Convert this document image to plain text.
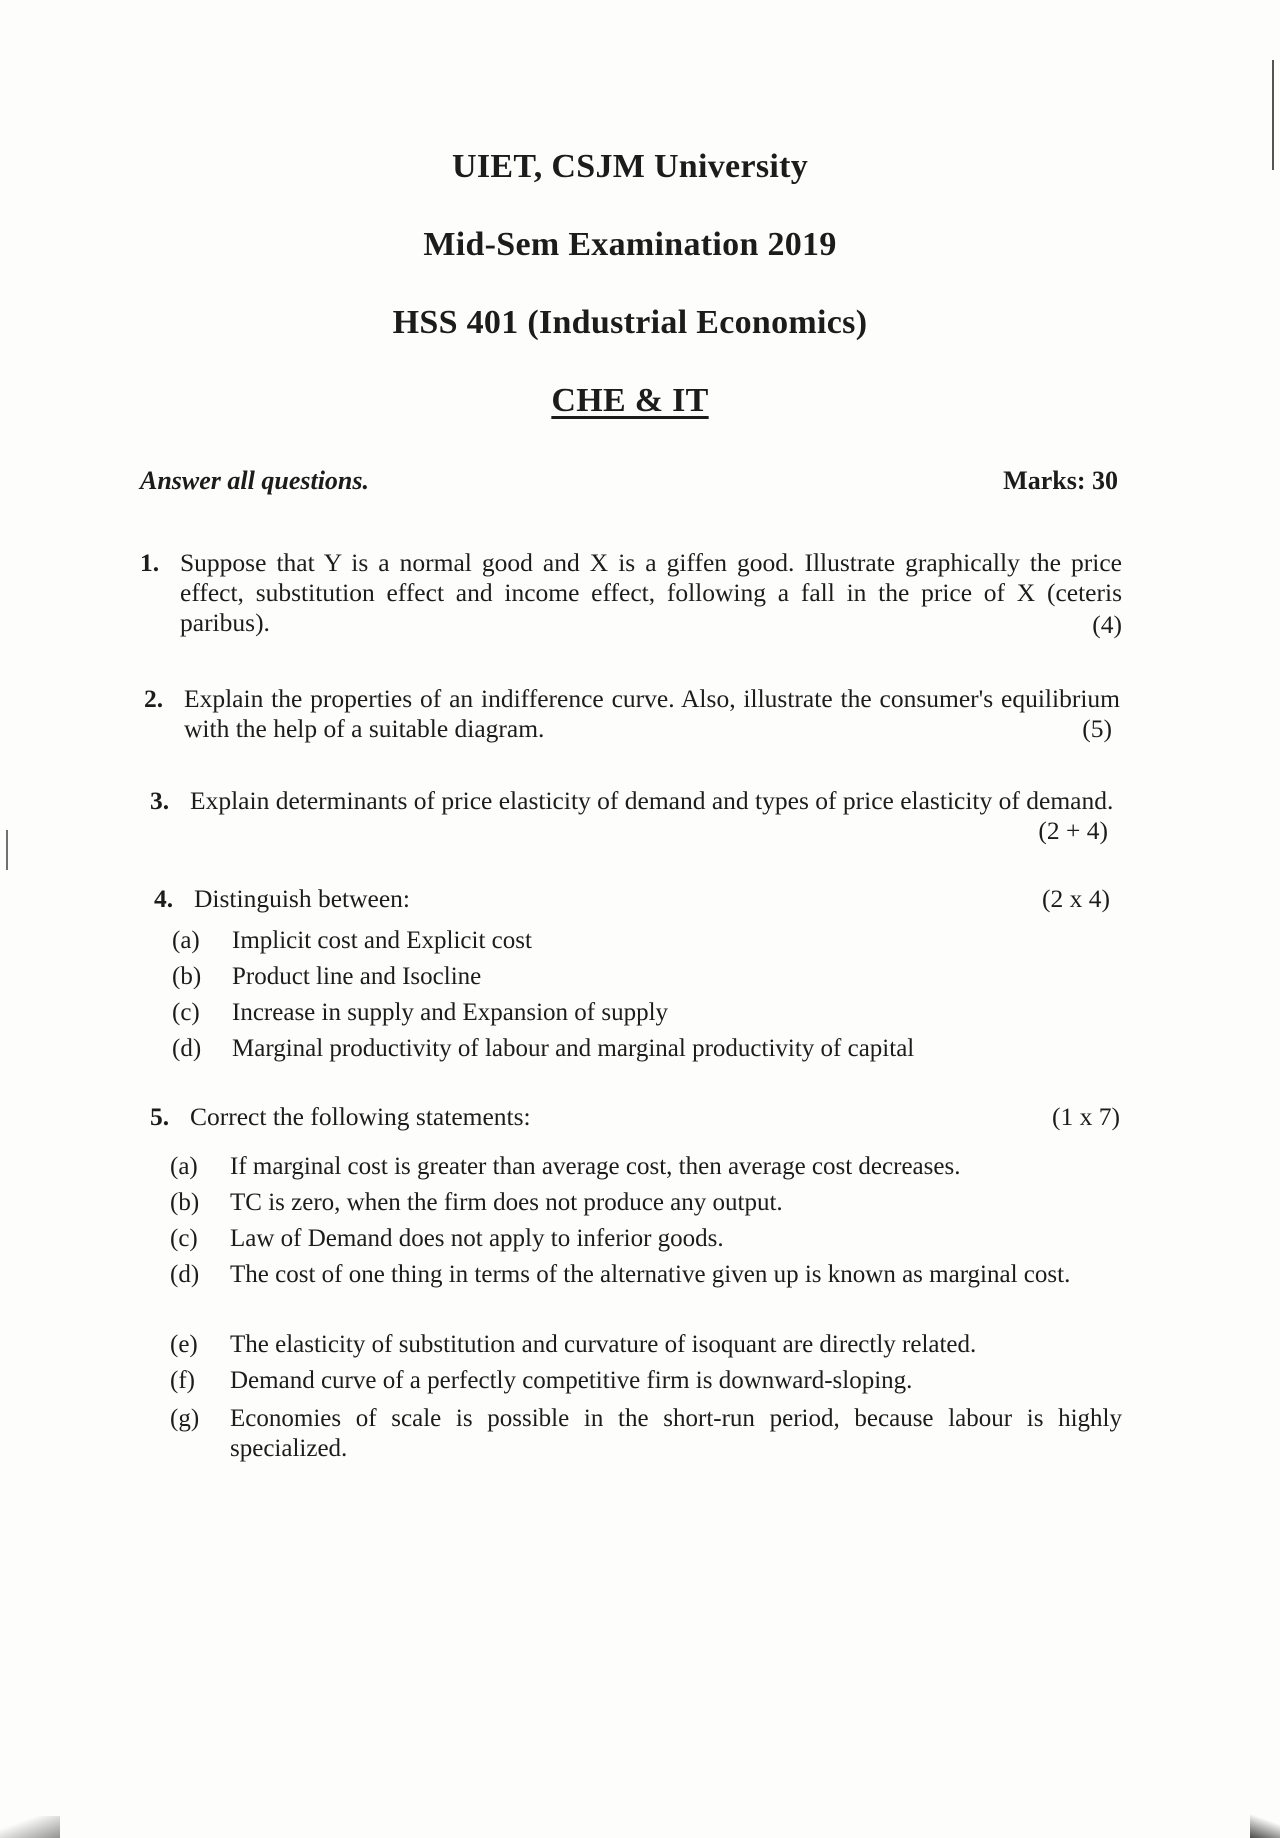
UIET, CSJM University
Mid-Sem Examination 2019
HSS 401 (Industrial Economics)
CHE & IT
Answer all questions.	Marks: 30
1. Suppose that Y is a normal good and X is a giffen good. Illustrate graphically the price effect, substitution effect and income effect, following a fall in the price of X (ceteris paribus).	(4)
2. Explain the properties of an indifference curve. Also, illustrate the consumer's equilibrium with the help of a suitable diagram.	(5)
3. Explain determinants of price elasticity of demand and types of price elasticity of demand.
(2 + 4)
4. Distinguish between:	(2 x 4)
(a) Implicit cost and Explicit cost
(b) Product line and Isocline
(c) Increase in supply and Expansion of supply
(d) Marginal productivity of labour and marginal productivity of capital
5. Correct the following statements:	(1 x 7)
(a) If marginal cost is greater than average cost, then average cost decreases.
(b) TC is zero, when the firm does not produce any output.
(c) Law of Demand does not apply to inferior goods.
(d) The cost of one thing in terms of the alternative given up is known as marginal cost.
(e) The elasticity of substitution and curvature of isoquant are directly related.
(f) Demand curve of a perfectly competitive firm is downward-sloping.
(g) Economies of scale is possible in the short-run period, because labour is highly specialized.
